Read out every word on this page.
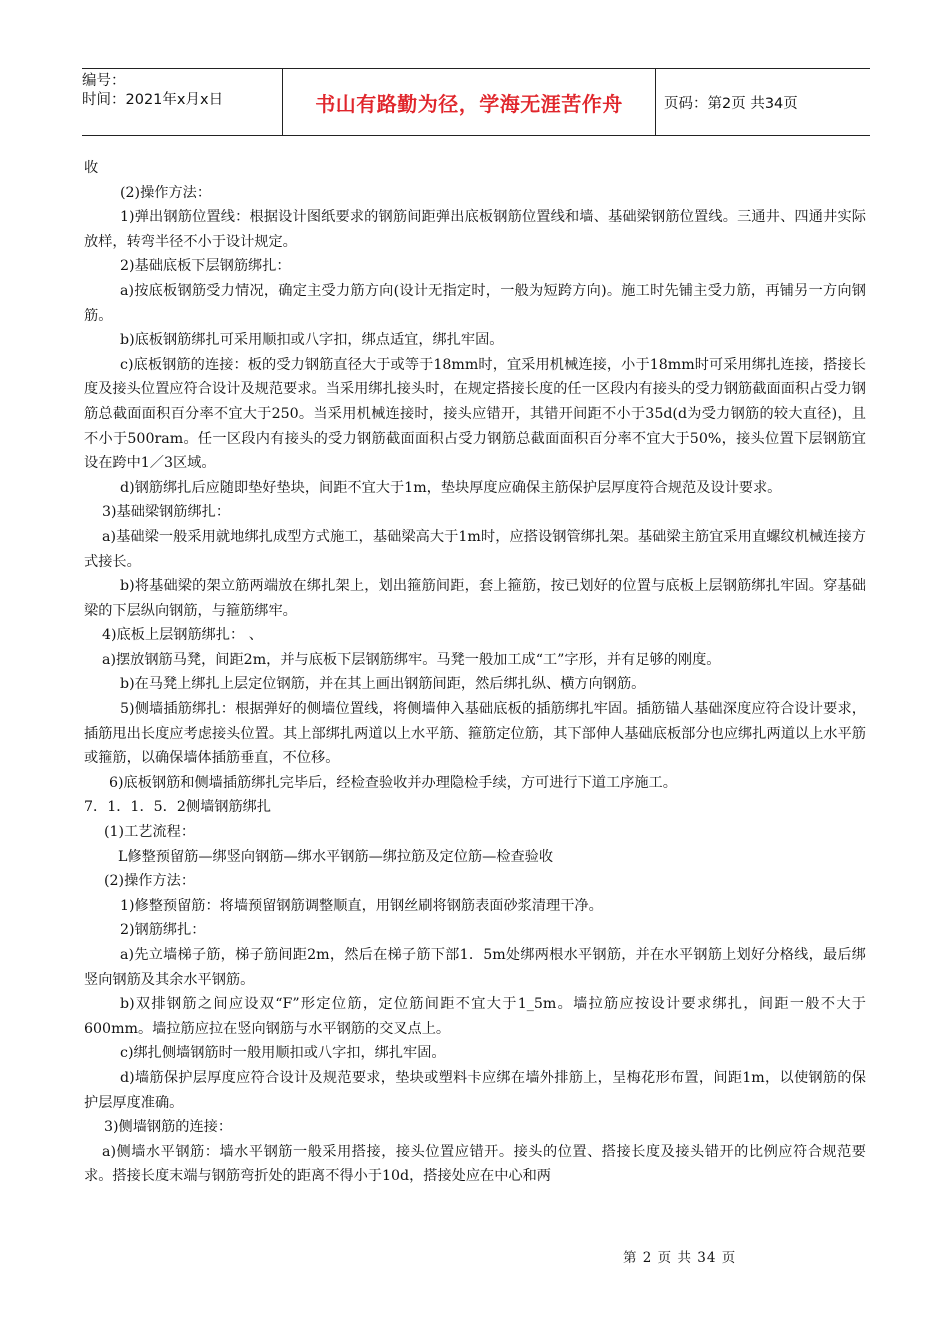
编号：
时间：2021年x月x日	书山有路勤为径，学海无涯苦作舟	页码：第2页 共34页

收

(2)操作方法：

1)弹出钢筋位置线：根据设计图纸要求的钢筋间距弹出底板钢筋位置线和墙、基础梁钢筋位置线。三通井、四通井实际放样，转弯半径不小于设计规定。

2)基础底板下层钢筋绑扎：

a)按底板钢筋受力情况，确定主受力筋方向(设计无指定时，一般为短跨方向)。施工时先铺主受力筋，再铺另一方向钢筋。

b)底板钢筋绑扎可采用顺扣或八字扣，绑点适宜，绑扎牢固。

c)底板钢筋的连接：板的受力钢筋直径大于或等于18mm时，宜采用机械连接，小于18mm时可采用绑扎连接，搭接长度及接头位置应符合设计及规范要求。当采用绑扎接头时，在规定搭接长度的任一区段内有接头的受力钢筋截面面积占受力钢筋总截面面积百分率不宜大于250。当采用机械连接时，接头应错开，其错开间距不小于35d(d为受力钢筋的较大直径)，且不小于500ram。任一区段内有接头的受力钢筋截面面积占受力钢筋总截面面积百分率不宜大于50%，接头位置下层钢筋宜设在跨中1／3区域。

d)钢筋绑扎后应随即垫好垫块，间距不宜大于1m，垫块厚度应确保主筋保护层厚度符合规范及设计要求。

3)基础梁钢筋绑扎：

a)基础梁一般采用就地绑扎成型方式施工，基础梁高大于1m时，应搭设钢管绑扎架。基础梁主筋宜采用直螺纹机械连接方式接长。

b)将基础梁的架立筋两端放在绑扎架上，划出箍筋间距，套上箍筋，按已划好的位置与底板上层钢筋绑扎牢固。穿基础梁的下层纵向钢筋，与箍筋绑牢。

4)底板上层钢筋绑扎： 、

a)摆放钢筋马凳，间距2m，并与底板下层钢筋绑牢。马凳一般加工成“工”字形，并有足够的刚度。

b)在马凳上绑扎上层定位钢筋，并在其上画出钢筋间距，然后绑扎纵、横方向钢筋。

5)侧墙插筋绑扎：根据弹好的侧墙位置线，将侧墙伸入基础底板的插筋绑扎牢固。插筋锚人基础深度应符合设计要求，插筋甩出长度应考虑接头位置。其上部绑扎两道以上水平筋、箍筋定位筋，其下部伸人基础底板部分也应绑扎两道以上水平筋或箍筋，以确保墙体插筋垂直，不位移。

6)底板钢筋和侧墙插筋绑扎完毕后，经检查验收并办理隐检手续，方可进行下道工序施工。

7．1．1．5．2侧墙钢筋绑扎

(1)工艺流程：

L修整预留筋—绑竖向钢筋—绑水平钢筋—绑拉筋及定位筋—检查验收

(2)操作方法：

1)修整预留筋：将墙预留钢筋调整顺直，用钢丝刷将钢筋表面砂浆清理干净。

2)钢筋绑扎：

a)先立墙梯子筋，梯子筋间距2m，然后在梯子筋下部1．5m处绑两根水平钢筋，并在水平钢筋上划好分格线，最后绑竖向钢筋及其余水平钢筋。

b)双排钢筋之间应设双“F”形定位筋，定位筋间距不宜大于1_5m。墙拉筋应按设计要求绑扎，间距一般不大于600mm。墙拉筋应拉在竖向钢筋与水平钢筋的交叉点上。

c)绑扎侧墙钢筋时一般用顺扣或八字扣，绑扎牢固。

d)墙筋保护层厚度应符合设计及规范要求，垫块或塑料卡应绑在墙外排筋上，呈梅花形布置，间距1m，以使钢筋的保护层厚度准确。

3)侧墙钢筋的连接：

a)侧墙水平钢筋：墙水平钢筋一般采用搭接，接头位置应错开。接头的位置、搭接长度及接头错开的比例应符合规范要求。搭接长度末端与钢筋弯折处的距离不得小于10d，搭接处应在中心和两

第 2 页 共 34 页
